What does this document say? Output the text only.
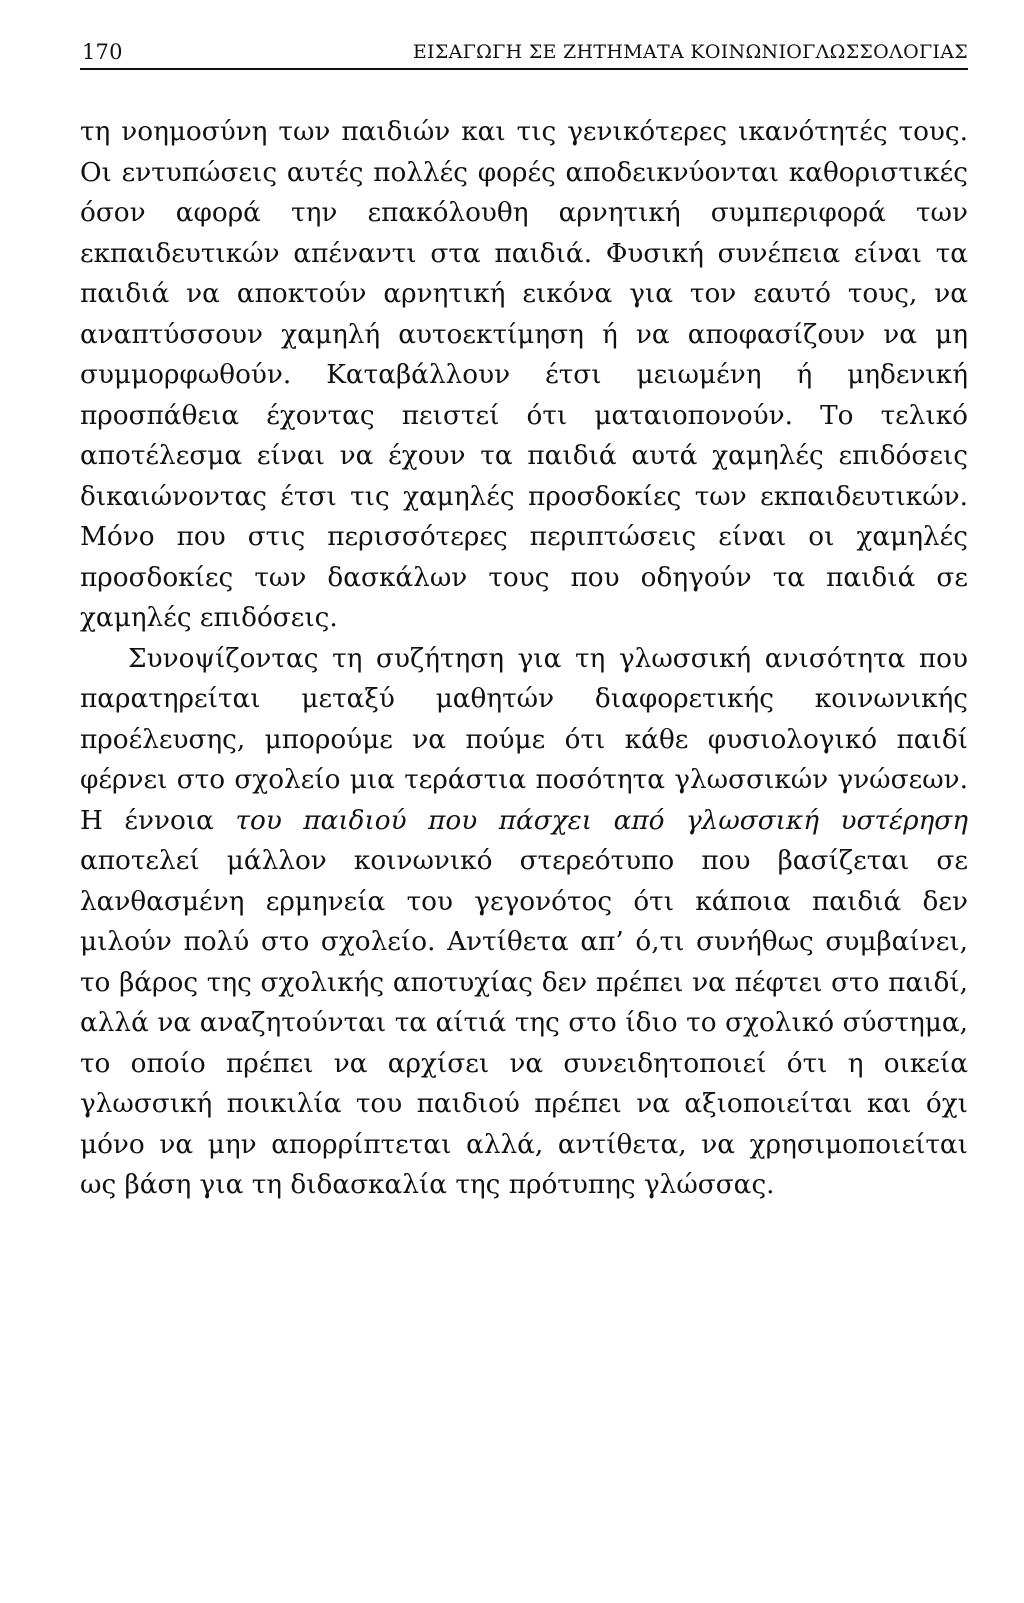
170	ΕΙΣΑΓΩΓΗ ΣΕ ΖΗΤΗΜΑΤΑ ΚΟΙΝΩΝΙΟΓΛΩΣΣΟΛΟΓΙΑΣ

τη νοημοσύνη των παιδιών και τις γενικότερες ικανότητές τους. Οι εντυπώσεις αυτές πολλές φορές αποδεικνύονται καθοριστικές όσον αφορά την επακόλουθη αρνητική συμπεριφορά των εκπαιδευτικών απέναντι στα παιδιά. Φυσική συνέπεια είναι τα παιδιά να αποκτούν αρνητική εικόνα για τον εαυτό τους, να αναπτύσσουν χαμηλή αυτοεκτίμηση ή να αποφασίζουν να μη συμμορφωθούν. Καταβάλλουν έτσι μειωμένη ή μηδενική προσπάθεια έχοντας πειστεί ότι ματαιοπονούν. Το τελικό αποτέλεσμα είναι να έχουν τα παιδιά αυτά χαμηλές επιδόσεις δικαιώνοντας έτσι τις χαμηλές προσδοκίες των εκπαιδευτικών. Μόνο που στις περισσότερες περιπτώσεις είναι οι χαμηλές προσδοκίες των δασκάλων τους που οδηγούν τα παιδιά σε χαμηλές επιδόσεις.

Συνοψίζοντας τη συζήτηση για τη γλωσσική ανισότητα που παρατηρείται μεταξύ μαθητών διαφορετικής κοινωνικής προέλευσης, μπορούμε να πούμε ότι κάθε φυσιολογικό παιδί φέρνει στο σχολείο μια τεράστια ποσότητα γλωσσικών γνώσεων. Η έννοια του παιδιού που πάσχει από γλωσσική υστέρηση αποτελεί μάλλον κοινωνικό στερεότυπο που βασίζεται σε λανθασμένη ερμηνεία του γεγονότος ότι κάποια παιδιά δεν μιλούν πολύ στο σχολείο. Αντίθετα απ’ ό,τι συνήθως συμβαίνει, το βάρος της σχολικής αποτυχίας δεν πρέπει να πέφτει στο παιδί, αλλά να αναζητούνται τα αίτιά της στο ίδιο το σχολικό σύστημα, το οποίο πρέπει να αρχίσει να συνειδητοποιεί ότι η οικεία γλωσσική ποικιλία του παιδιού πρέπει να αξιοποιείται και όχι μόνο να μην απορρίπτεται αλλά, αντίθετα, να χρησιμοποιείται ως βάση για τη διδασκαλία της πρότυπης γλώσσας.
